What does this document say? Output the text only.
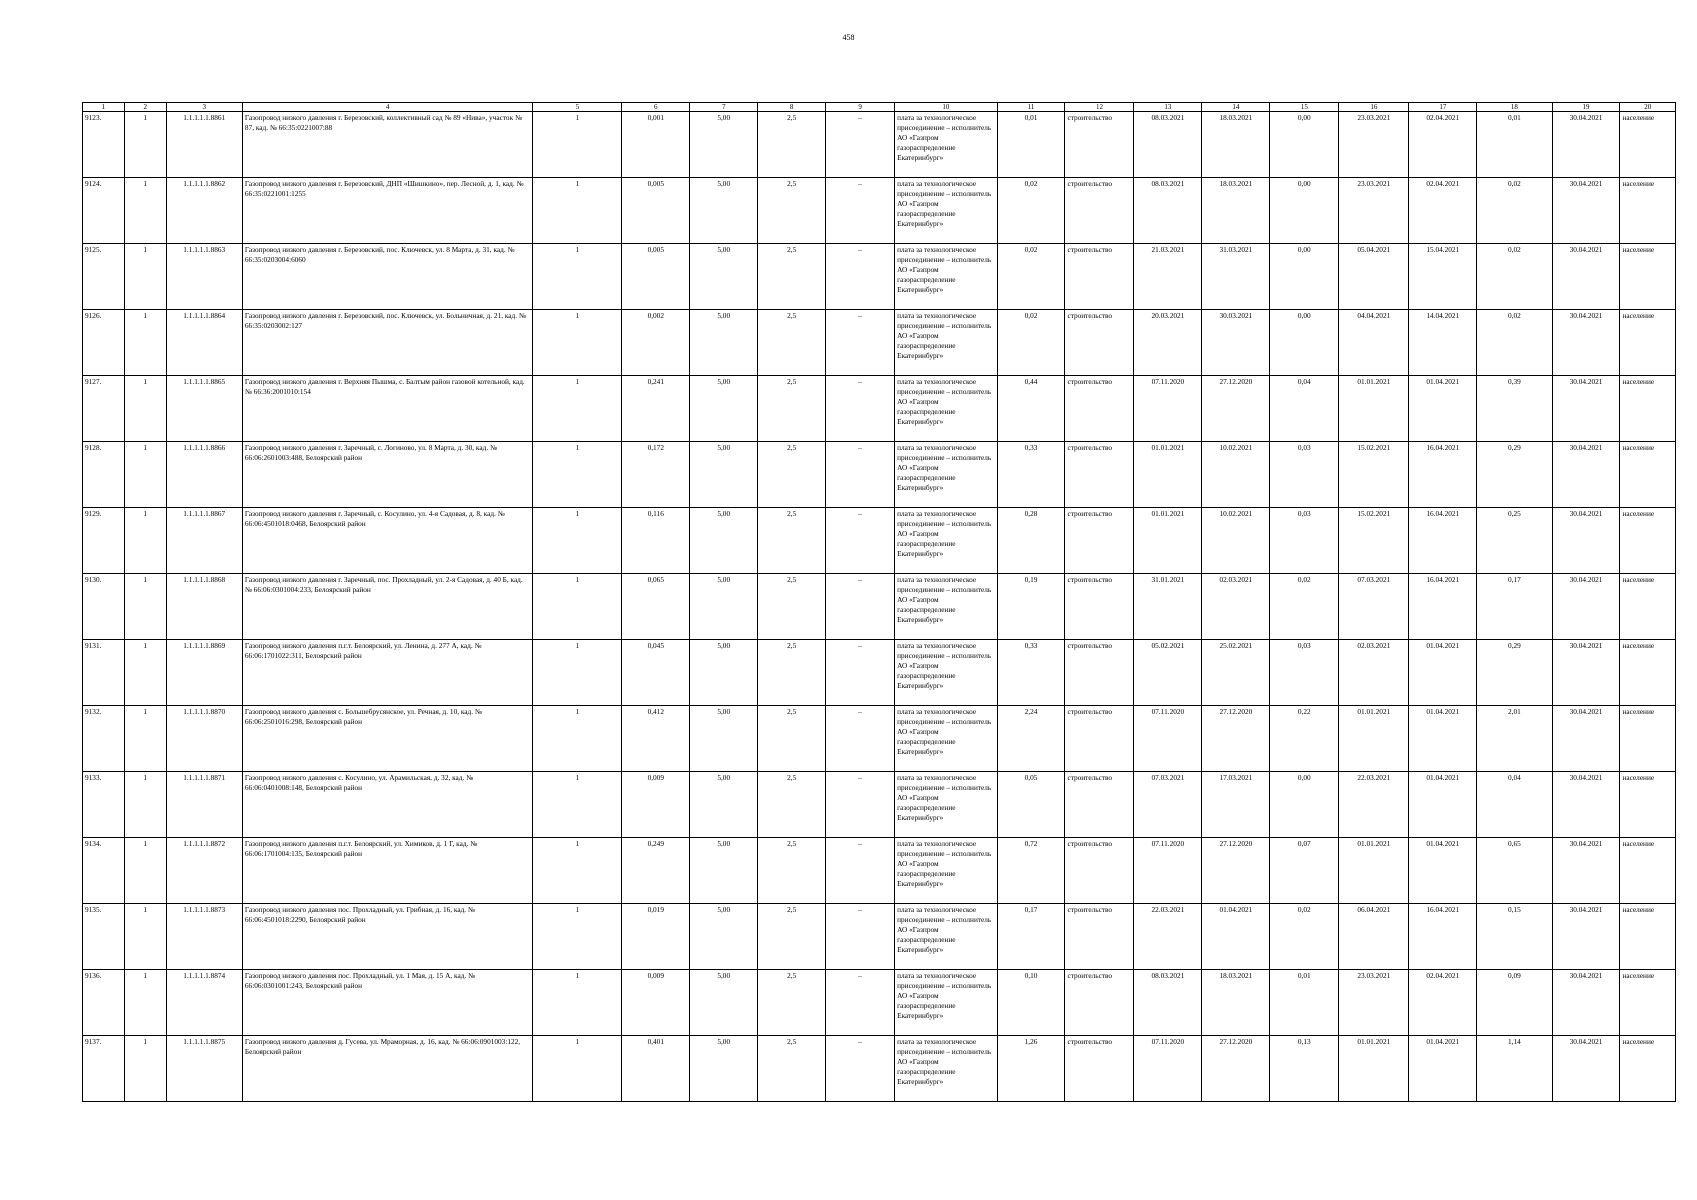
458
1	2	3	4	5	6	7	8	9	10	11	12	13	14	15	16	17	18	19	20
9123.	1	1.1.1.1.1.8861	Газопровод низкого давления г. Березовский, коллективный сад № 89 «Нива», участок № 87, кад. № 66:35:0221007:88	1	0,001	5,00	2,5	–	плата за технологическое присоединение – исполнитель
АО «Газпром газораспределение Екатеринбург»	0,01	строительство	08.03.2021	18.03.2021	0,00	23.03.2021	02.04.2021	0,01	30.04.2021	население
9124.	1	1.1.1.1.1.8862	Газопровод низкого давления г. Березовский, ДНП «Шишкино», пер. Лесной, д. 1, кад. № 66:35:0221001:1255	1	0,005	5,00	2,5	–	плата за технологическое присоединение – исполнитель
АО «Газпром газораспределение Екатеринбург»	0,02	строительство	08.03.2021	18.03.2021	0,00	23.03.2021	02.04.2021	0,02	30.04.2021	население
9125.	1	1.1.1.1.1.8863	Газопровод низкого давления г. Березовский, пос. Ключевск, ул. 8 Марта, д. 31, кад. № 66:35:0203004:6060	1	0,005	5,00	2,5	–	плата за технологическое присоединение – исполнитель
АО «Газпром газораспределение Екатеринбург»	0,02	строительство	21.03.2021	31.03.2021	0,00	05.04.2021	15.04.2021	0,02	30.04.2021	население
9126.	1	1.1.1.1.1.8864	Газопровод низкого давления г. Березовский, пос. Ключевск, ул. Больничная, д. 21, кад. № 66:35:0203002:127	1	0,002	5,00	2,5	–	плата за технологическое присоединение – исполнитель
АО «Газпром газораспределение Екатеринбург»	0,02	строительство	20.03.2021	30.03.2021	0,00	04.04.2021	14.04.2021	0,02	30.04.2021	население
9127.	1	1.1.1.1.1.8865	Газопровод низкого давления г. Верхняя Пышма, с. Балтым район газовой котельной, кад. № 66:36:2001010:154	1	0,241	5,00	2,5	–	плата за технологическое присоединение – исполнитель
АО «Газпром газораспределение Екатеринбург»	0,44	строительство	07.11.2020	27.12.2020	0,04	01.01.2021	01.04.2021	0,39	30.04.2021	население
9128.	1	1.1.1.1.1.8866	Газопровод низкого давления г. Заречный, с. Логиново, ул. 8 Марта, д. 30, кад. № 66:06:2601003:488, Белоярский район	1	0,172	5,00	2,5	–	плата за технологическое присоединение – исполнитель
АО «Газпром газораспределение Екатеринбург»	0,33	строительство	01.01.2021	10.02.2021	0,03	15.02.2021	16.04.2021	0,29	30.04.2021	население
9129.	1	1.1.1.1.1.8867	Газопровод низкого давления г. Заречный, с. Косулино, ул. 4-я Садовая, д. 8, кад. № 66:06:4501018:0468, Белоярский район	1	0,116	5,00	2,5	–	плата за технологическое присоединение – исполнитель
АО «Газпром газораспределение Екатеринбург»	0,28	строительство	01.01.2021	10.02.2021	0,03	15.02.2021	16.04.2021	0,25	30.04.2021	население
9130.	1	1.1.1.1.1.8868	Газопровод низкого давления г. Заречный, пос. Прохладный, ул. 2-я Садовая, д. 40 Б, кад. № 66:06:0301004:233, Белоярский район	1	0,065	5,00	2,5	–	плата за технологическое присоединение – исполнитель
АО «Газпром газораспределение Екатеринбург»	0,19	строительство	31.01.2021	02.03.2021	0,02	07.03.2021	16.04.2021	0,17	30.04.2021	население
9131.	1	1.1.1.1.1.8869	Газопровод низкого давления п.г.т. Белоярский, ул. Ленина, д. 277 А, кад. № 66:06:1701022:311, Белоярский район	1	0,045	5,00	2,5	–	плата за технологическое присоединение – исполнитель
АО «Газпром газораспределение Екатеринбург»	0,33	строительство	05.02.2021	25.02.2021	0,03	02.03.2021	01.04.2021	0,29	30.04.2021	население
9132.	1	1.1.1.1.1.8870	Газопровод низкого давления с. Большебрусянское, ул. Речная, д. 10, кад. № 66:06:2501016:298, Белоярский район	1	0,412	5,00	2,5	–	плата за технологическое присоединение – исполнитель
АО «Газпром газораспределение Екатеринбург»	2,24	строительство	07.11.2020	27.12.2020	0,22	01.01.2021	01.04.2021	2,01	30.04.2021	население
9133.	1	1.1.1.1.1.8871	Газопровод низкого давления с. Косулино, ул. Арамильская, д. 32, кад. № 66:06:0401008:148, Белоярский район	1	0,009	5,00	2,5	–	плата за технологическое присоединение – исполнитель
АО «Газпром газораспределение Екатеринбург»	0,05	строительство	07.03.2021	17.03.2021	0,00	22.03.2021	01.04.2021	0,04	30.04.2021	население
9134.	1	1.1.1.1.1.8872	Газопровод низкого давления п.г.т. Белоярский, ул. Химиков, д. 1 Г, кад. № 66:06:1701004:135, Белоярский район	1	0,249	5,00	2,5	–	плата за технологическое присоединение – исполнитель
АО «Газпром газораспределение Екатеринбург»	0,72	строительство	07.11.2020	27.12.2020	0,07	01.01.2021	01.04.2021	0,65	30.04.2021	население
9135.	1	1.1.1.1.1.8873	Газопровод низкого давления пос. Прохладный, ул. Грибная, д. 16, кад. № 66:06:4501018:2290, Белоярский район	1	0,019	5,00	2,5	–	плата за технологическое присоединение – исполнитель
АО «Газпром газораспределение Екатеринбург»	0,17	строительство	22.03.2021	01.04.2021	0,02	06.04.2021	16.04.2021	0,15	30.04.2021	население
9136.	1	1.1.1.1.1.8874	Газопровод низкого давления пос. Прохладный, ул. 1 Мая, д. 15 А, кад. № 66:06:0301001:243, Белоярский район	1	0,009	5,00	2,5	–	плата за технологическое присоединение – исполнитель
АО «Газпром газораспределение Екатеринбург»	0,10	строительство	08.03.2021	18.03.2021	0,01	23.03.2021	02.04.2021	0,09	30.04.2021	население
9137.	1	1.1.1.1.1.8875	Газопровод низкого давления д. Гусева, ул. Мраморная, д. 16, кад. № 66:06:0901003:122, Белоярский район	1	0,401	5,00	2,5	–	плата за технологическое присоединение – исполнитель
АО «Газпром газораспределение Екатеринбург»	1,26	строительство	07.11.2020	27.12.2020	0,13	01.01.2021	01.04.2021	1,14	30.04.2021	население
